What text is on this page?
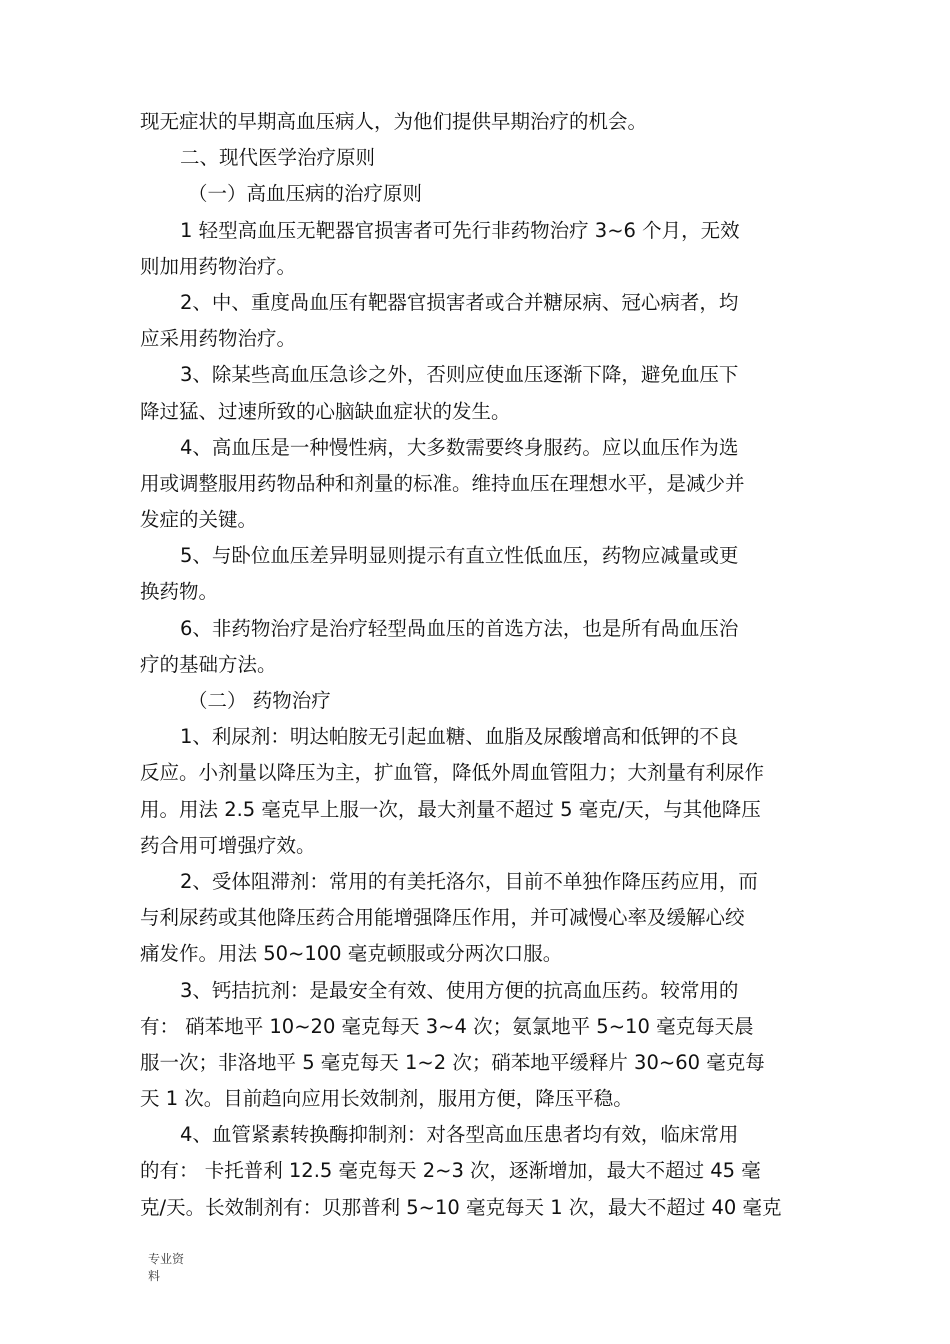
现无症状的早期高血压病人，为他们提供早期治疗的机会。
二、现代医学治疗原则
（一）高血压病的治疗原则
1 轻型高血压无靶器官损害者可先行非药物治疗 3~6 个月，无效
则加用药物治疗。
2、中、重度咼血压有靶器官损害者或合并糖尿病、冠心病者，均
应采用药物治疗。
3、除某些高血压急诊之外，否则应使血压逐渐下降，避免血压下
降过猛、过速所致的心脑缺血症状的发生。
4、高血压是一种慢性病，大多数需要终身服药。应以血压作为选
用或调整服用药物品种和剂量的标准。维持血压在理想水平，是减少并
发症的关键。
5、与卧位血压差异明显则提示有直立性低血压，药物应减量或更
换药物。
6、非药物治疗是治疗轻型咼血压的首选方法，也是所有咼血压治
疗的基础方法。
（二） 药物治疗
1、利尿剂：明达帕胺无引起血糖、血脂及尿酸增高和低钾的不良
反应。小剂量以降压为主，扩血管，降低外周血管阻力；大剂量有利尿作
用。用法 2.5 毫克早上服一次，最大剂量不超过 5 毫克/天，与其他降压
药合用可增强疗效。
2、受体阻滞剂：常用的有美托洛尔，目前不单独作降压药应用，而
与利尿药或其他降压药合用能增强降压作用，并可减慢心率及缓解心绞
痛发作。用法 50~100 毫克顿服或分两次口服。
3、钙拮抗剂：是最安全有效、使用方便的抗高血压药。较常用的
有： 硝苯地平 10~20 毫克每天 3~4 次；氨氯地平 5~10 毫克每天晨
服一次；非洛地平 5 毫克每天 1~2 次；硝苯地平缓释片 30~60 毫克每
天 1 次。目前趋向应用长效制剂，服用方便，降压平稳。
4、血管紧素转换酶抑制剂：对各型高血压患者均有效，临床常用
的有： 卡托普利 12.5 毫克每天 2~3 次，逐渐增加，最大不超过 45 毫
克/天。长效制剂有：贝那普利 5~10 毫克每天 1 次，最大不超过 40 毫克
专业资
料
